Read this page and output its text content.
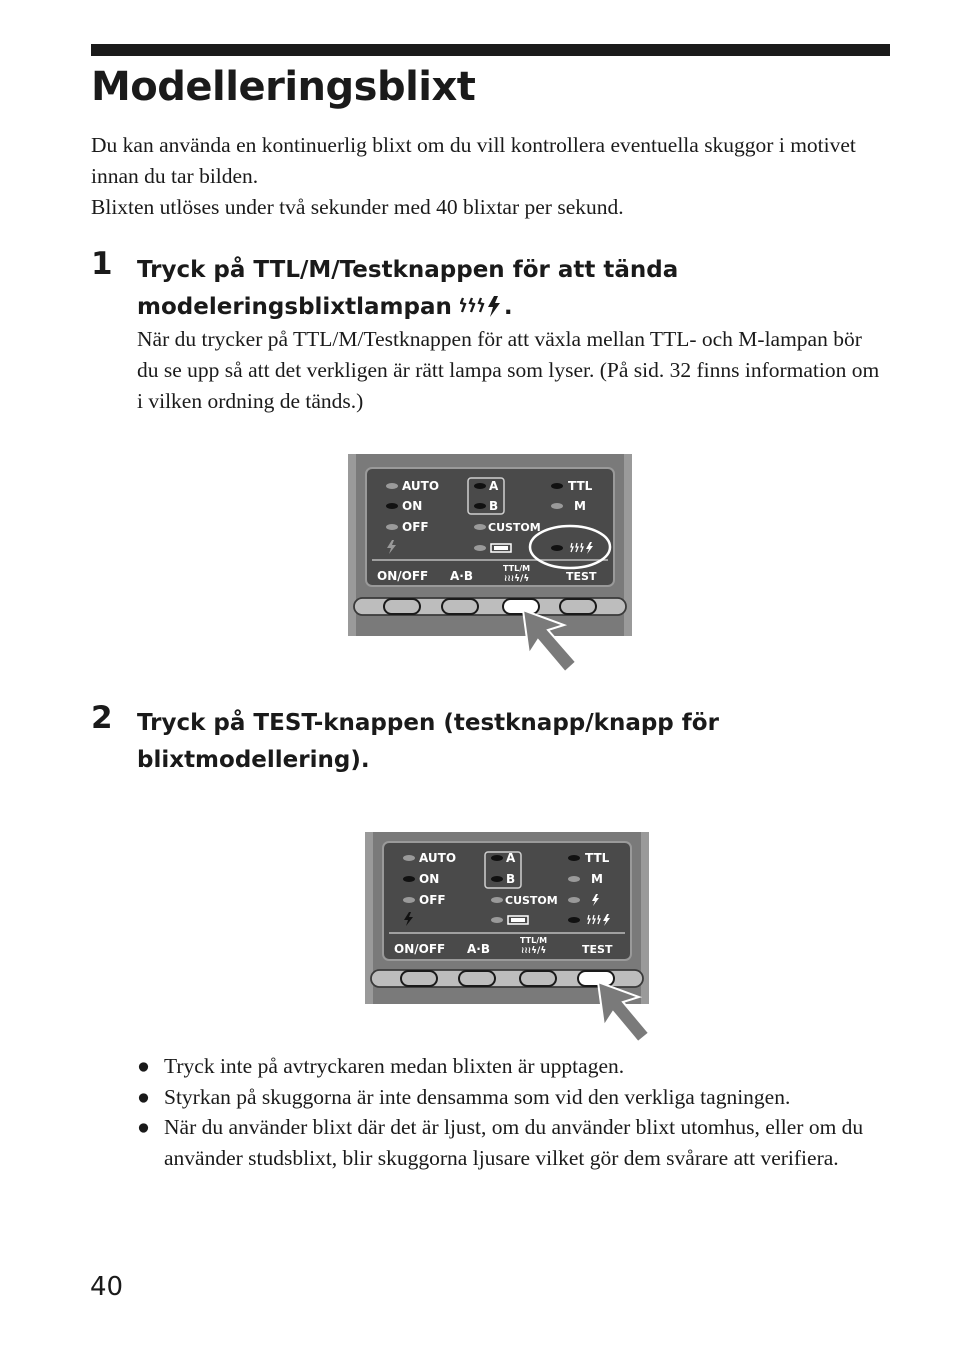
Modelleringsblixt

Du kan använda en kontinuerlig blixt om du vill kontrollera eventuella skuggor i motivet innan du tar bilden.

Blixten utlöses under två sekunder med 40 blixtar per sekund.

1 Tryck på TTL/M/Testknappen för att tända
modeleringsblixtlampan .

När du trycker på TTL/M/Testknappen för att växla mellan TTL- och M-lampan bör du se upp så att det verkligen är rätt lampa som lyser. (På sid. 32 finns information om i vilken ordning de tänds.)

AUTO
ON
OFF
A
B
CUSTOM
TTL
M
ON/OFF A·B
TTL/M
≀≀≀ϟ/ϟ	TEST
2 Tryck på TEST-knappen (testknapp/knapp för blixtmodellering).

AUTO
ON
OFF
A
B
CUSTOM
TTL
M
ON/OFF A·B
TTL/M
≀≀≀ϟ/ϟ	TEST
● Tryck inte på avtryckaren medan blixten är upptagen.
● Styrkan på skuggorna är inte densamma som vid den verkliga tagningen.
● När du använder blixt där det är ljust, om du använder blixt utomhus, eller om du använder studsblixt, blir skuggorna ljusare vilket gör dem svårare att verifiera.
40
